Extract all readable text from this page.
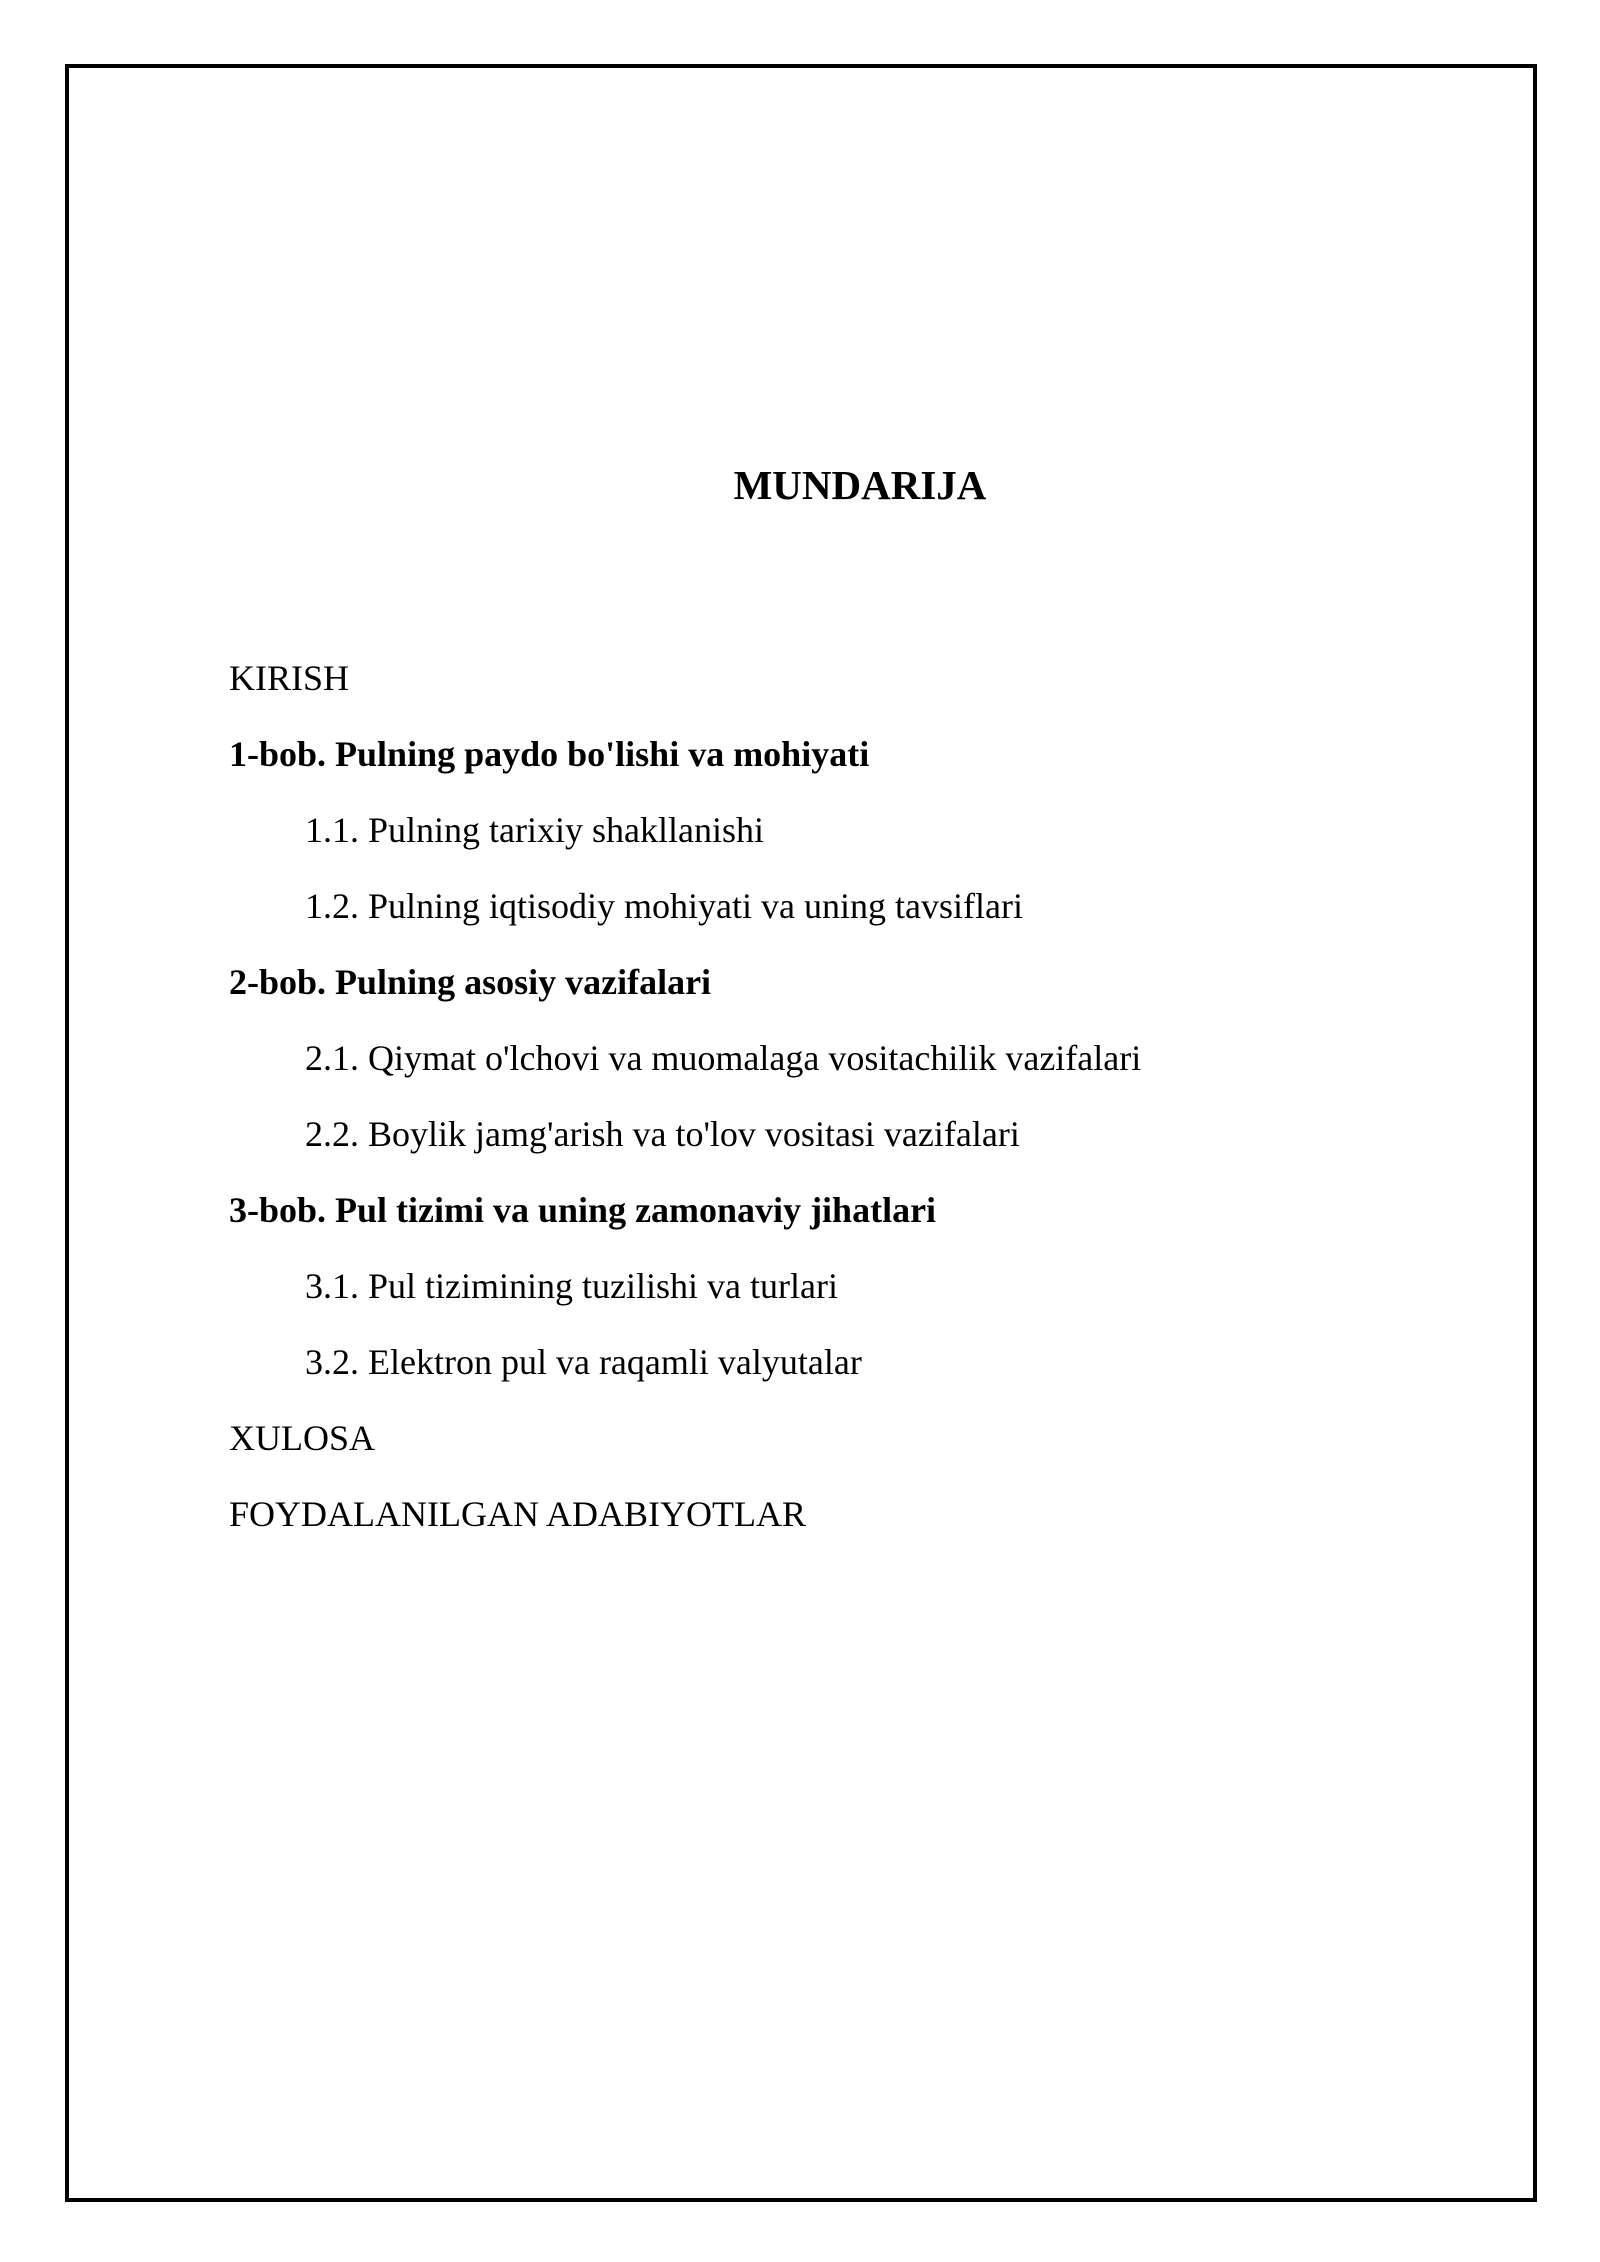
MUNDARIJA
KIRISH
1-bob. Pulning paydo bo'lishi va mohiyati
1.1. Pulning tarixiy shakllanishi
1.2. Pulning iqtisodiy mohiyati va uning tavsiflari
2-bob. Pulning asosiy vazifalari
2.1. Qiymat o'lchovi va muomalaga vositachilik vazifalari
2.2. Boylik jamg'arish va to'lov vositasi vazifalari
3-bob. Pul tizimi va uning zamonaviy jihatlari
3.1. Pul tizimining tuzilishi va turlari
3.2. Elektron pul va raqamli valyutalar
XULOSA
FOYDALANILGAN ADABIYOTLAR
